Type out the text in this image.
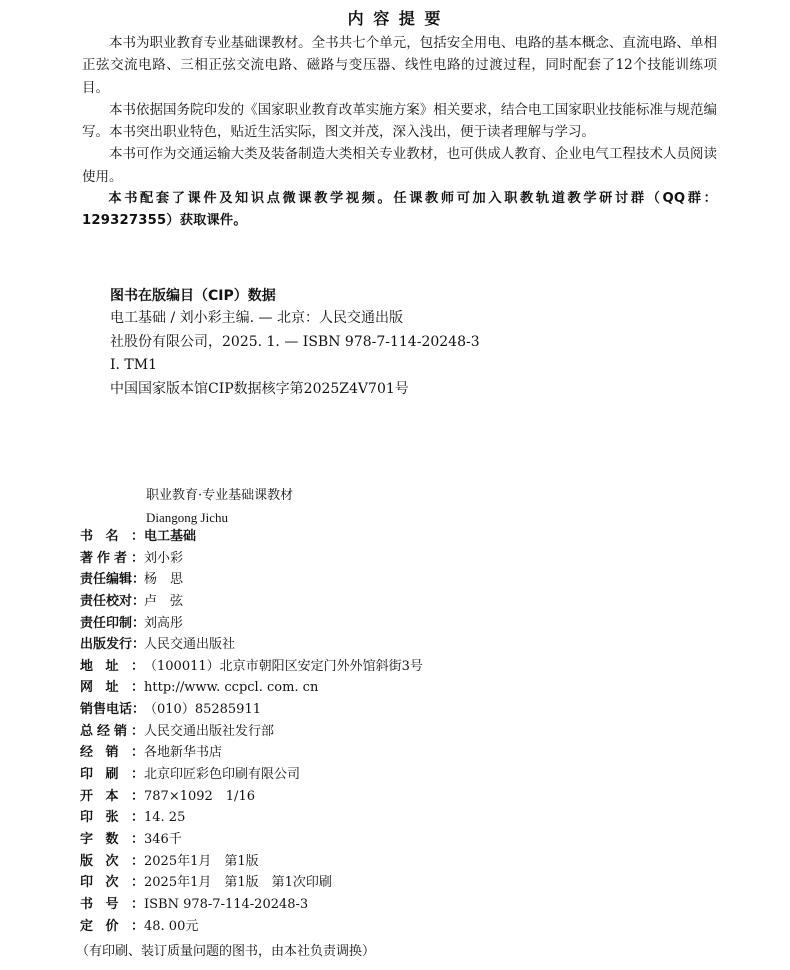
内 容 提 要

本书为职业教育专业基础课教材。全书共七个单元，包括安全用电、电路的基本概念、直流电路、单相正弦交流电路、三相正弦交流电路、磁路与变压器、线性电路的过渡过程，同时配套了12个技能训练项目。

本书依据国务院印发的《国家职业教育改革实施方案》相关要求，结合电工国家职业技能标准与规范编写。本书突出职业特色，贴近生活实际，图文并茂，深入浅出，便于读者理解与学习。

本书可作为交通运输大类及装备制造大类相关专业教材，也可供成人教育、企业电气工程技术人员阅读使用。

本书配套了课件及知识点微课教学视频。任课教师可加入职教轨道教学研讨群（QQ群：129327355）获取课件。

图书在版编目（CIP）数据
电工基础 / 刘小彩主编. — 北京：人民交通出版
社股份有限公司，2025. 1. — ISBN 978-7-114-20248-3
Ⅰ. TM1
中国国家版本馆CIP数据核字第2025Z4V701号
职业教育·专业基础课教材
Diangong Jichu
书名： 电工基础
著作者： 刘小彩
责任编辑：
杨　思
责任校对：
卢　弦
责任印制：
刘高彤
出版发行：
人民交通出版社
地址： （100011）北京市朝阳区安定门外外馆斜街3号
网址： http://www. ccpcl. com. cn
销售电话：
（010）85285911
总经销： 人民交通出版社发行部
经销： 各地新华书店
印刷： 北京印匠彩色印刷有限公司
开本： 787×1092　1/16
印张： 14. 25
字数： 346千
版次： 2025年1月　第1版
印次： 2025年1月　第1版　第1次印刷
书号： ISBN 978-7-114-20248-3
定价： 48. 00元
（有印刷、装订质量问题的图书，由本社负责调换）
